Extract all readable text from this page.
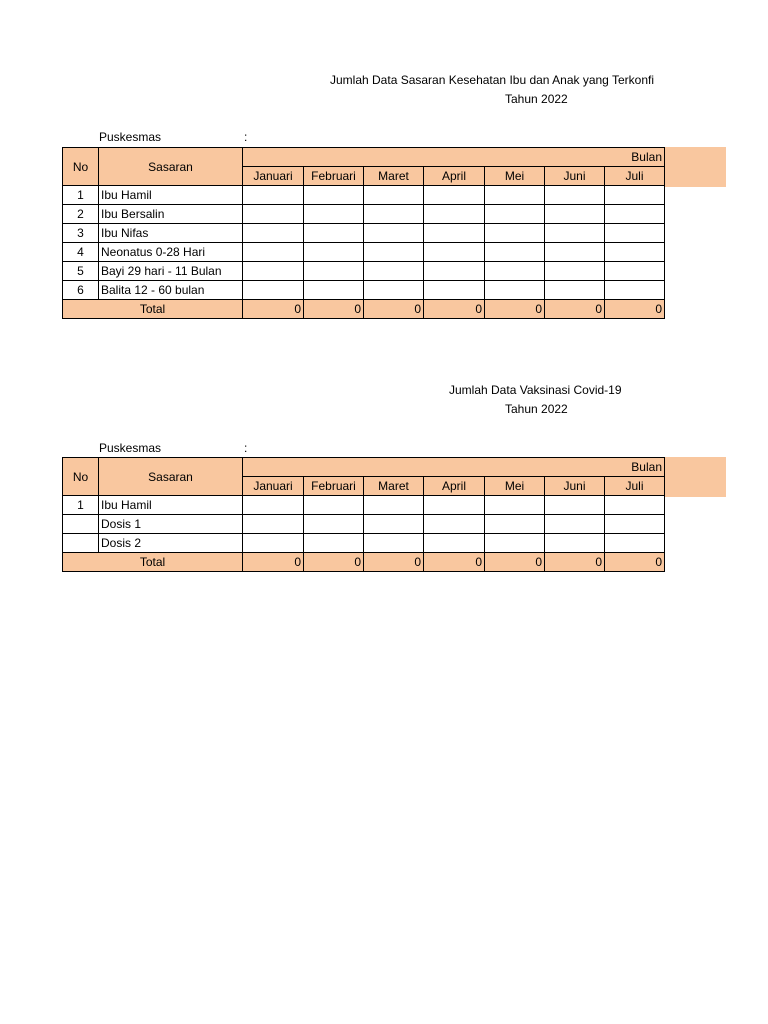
Jumlah Data Sasaran Kesehatan Ibu dan Anak yang Terkonfi
Tahun 2022
Puskesmas	:
No	Sasaran	Bulan						
		Januari	Februari	Maret	April	Mei	Juni	Juli
1	Ibu Hamil							
2	Ibu Bersalin							
3	Ibu Nifas							
4	Neonatus 0-28 Hari							
5	Bayi 29 hari - 11 Bulan							
6	Balita 12 - 60 bulan							
Total		0	0	0	0	0	0	0
Jumlah Data Vaksinasi Covid-19
Tahun 2022
Puskesmas	:
No	Sasaran	Bulan						
		Januari	Februari	Maret	April	Mei	Juni	Juli
1	Ibu Hamil							
	Dosis 1							
	Dosis 2							
Total		0	0	0	0	0	0	0
